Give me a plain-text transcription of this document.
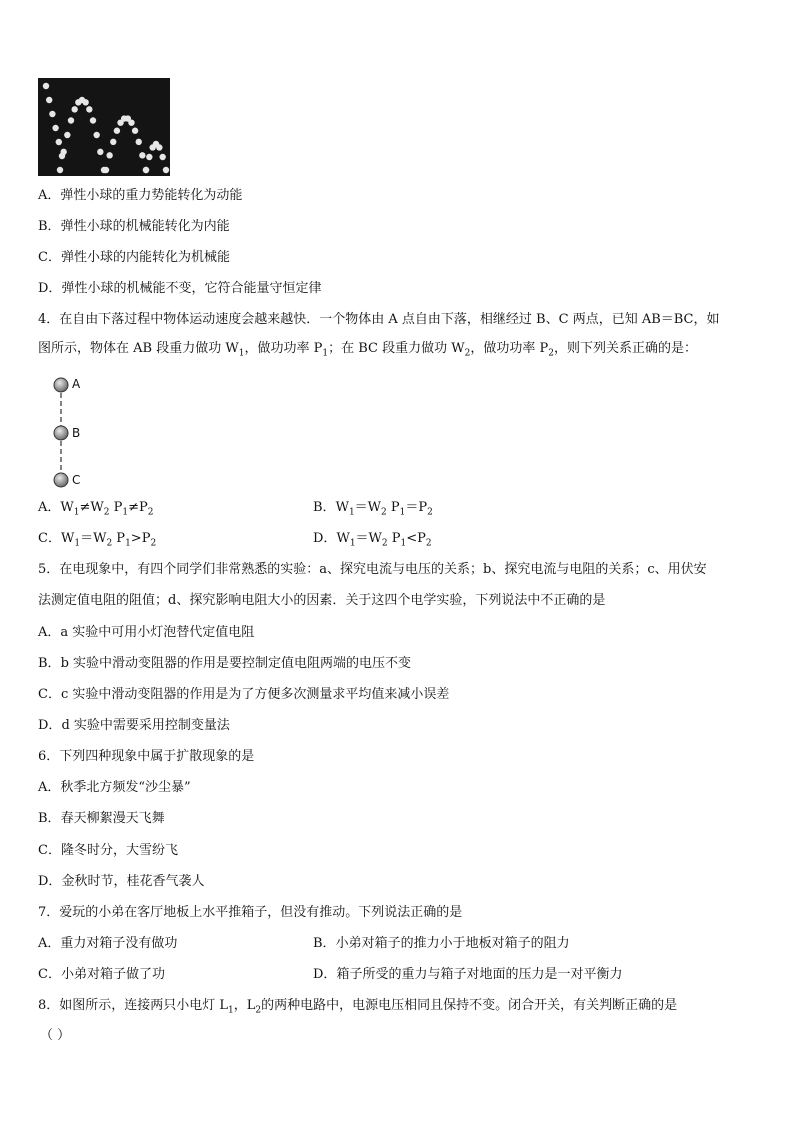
A．弹性小球的重力势能转化为动能
B．弹性小球的机械能转化为内能
C．弹性小球的内能转化为机械能
D．弹性小球的机械能不变，它符合能量守恒定律
4．在自由下落过程中物体运动速度会越来越快．一个物体由 A 点自由下落，相继经过 B、C 两点，已知 AB＝BC，如
图所示，物体在 AB 段重力做功 $W_1$，做功功率 $P_1$；在 BC 段重力做功 $W_2$，做功功率 $P_2$，则下列关系正确的是：
A
B
C
A．$W_1\ne W_2$ $P_1\ne P_2$	B．$W_1=W_2$ $P_1=P_2$
C．$W_1=W_2$ $P_1>P_2$	D．$W_1=W_2$ $P_1<P_2$
5．在电现象中，有四个同学们非常熟悉的实验：a、探究电流与电压的关系；b、探究电流与电阻的关系；c、用伏安
法测定值电阻的阻值；d、探究影响电阻大小的因素．关于这四个电学实验，下列说法中不正确的是
A．a 实验中可用小灯泡替代定值电阻
B．b 实验中滑动变阻器的作用是要控制定值电阻两端的电压不变
C．c 实验中滑动变阻器的作用是为了方便多次测量求平均值来减小误差
D．d 实验中需要采用控制变量法
6．下列四种现象中属于扩散现象的是
A．秋季北方频发“沙尘暴”
B．春天柳絮漫天飞舞
C．隆冬时分，大雪纷飞
D．金秋时节，桂花香气袭人
7．爱玩的小弟在客厅地板上水平推箱子，但没有推动。下列说法正确的是
A．重力对箱子没有做功	B．小弟对箱子的推力小于地板对箱子的阻力
C．小弟对箱子做了功	D．箱子所受的重力与箱子对地面的压力是一对平衡力
8．如图所示，连接两只小电灯 $L_1$，$L_2$的两种电路中，电源电压相同且保持不变。闭合开关，有关判断正确的是
（ ）
